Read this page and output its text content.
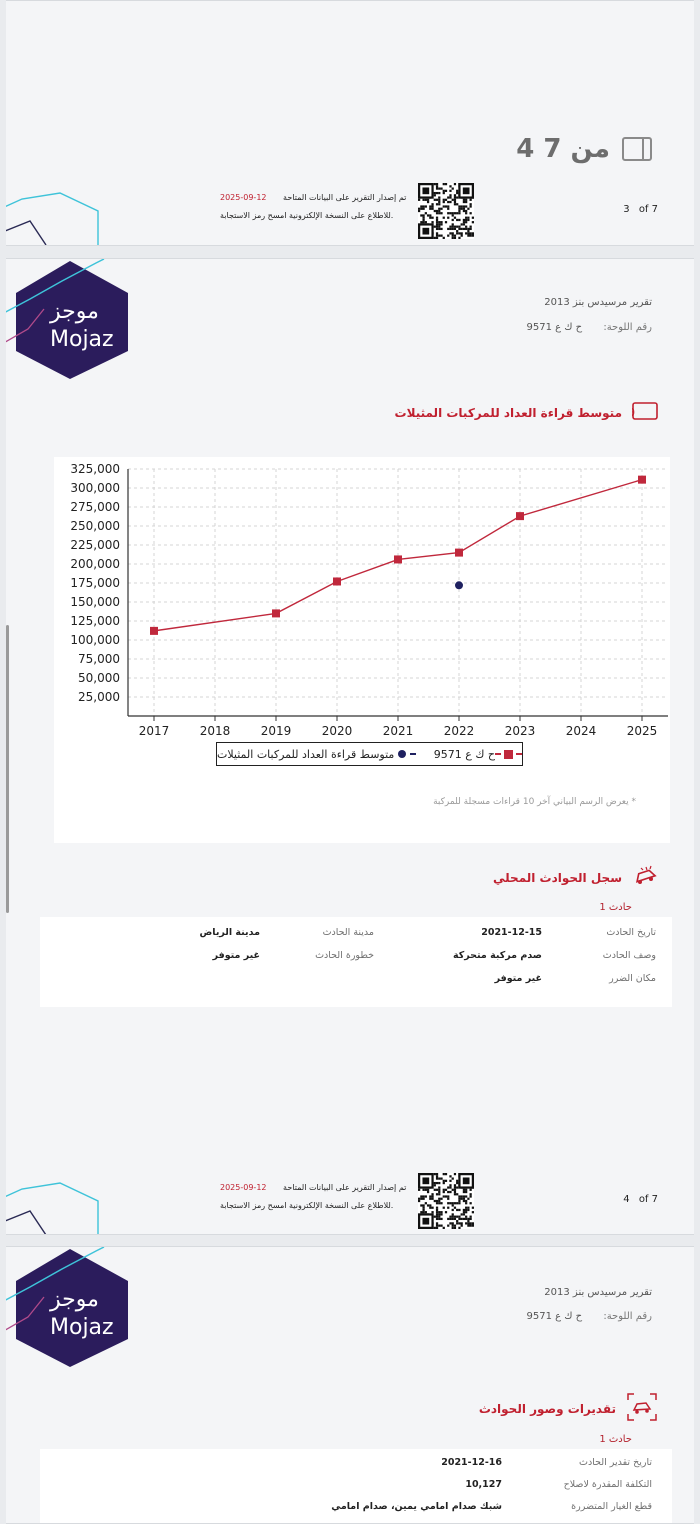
4 من 7
2025-09-12 تم إصدار التقرير على البيانات المتاحة
للاطلاع على النسخة الإلكترونية امسح رمز الاستجابة.
3 of 7
موجز
Mojaz
تقرير مرسيدس بنز 2013
رقم اللوحة: ح ك ع 9571
متوسط قراءة العداد للمركبات المثيلات
25,000
50,000
75,000
100,000
125,000
150,000
175,000
200,000
225,000
250,000
275,000
300,000
325,000
2017	2018	2019	2020	2021	2022	2023	2024	2025
* يعرض الرسم البياني آخر 10 قراءات مسجلة للمركبة
متوسط قراءة العداد للمركبات المثيلات	ح ك ع 9571
سجل الحوادث المحلي
حادث 1
تاريخ الحادث
2021-12-15
مدينة الحادث
مدينة الرياض
وصف الحادث
صدم مركبة متحركة
خطورة الحادث
غير متوفر
مكان الضرر
غير متوفر
2025-09-12 تم إصدار التقرير على البيانات المتاحة
للاطلاع على النسخة الإلكترونية امسح رمز الاستجابة.
4 of 7
موجز
Mojaz
تقرير مرسيدس بنز 2013
رقم اللوحة: ح ك ع 9571
تقديرات وصور الحوادث
حادث 1
تاريخ تقدير الحادث
2021-12-16
التكلفة المقدرة لاصلاح
10,127
قطع الغيار المتضررة
شبك صدام امامي يمين، صدام امامي
